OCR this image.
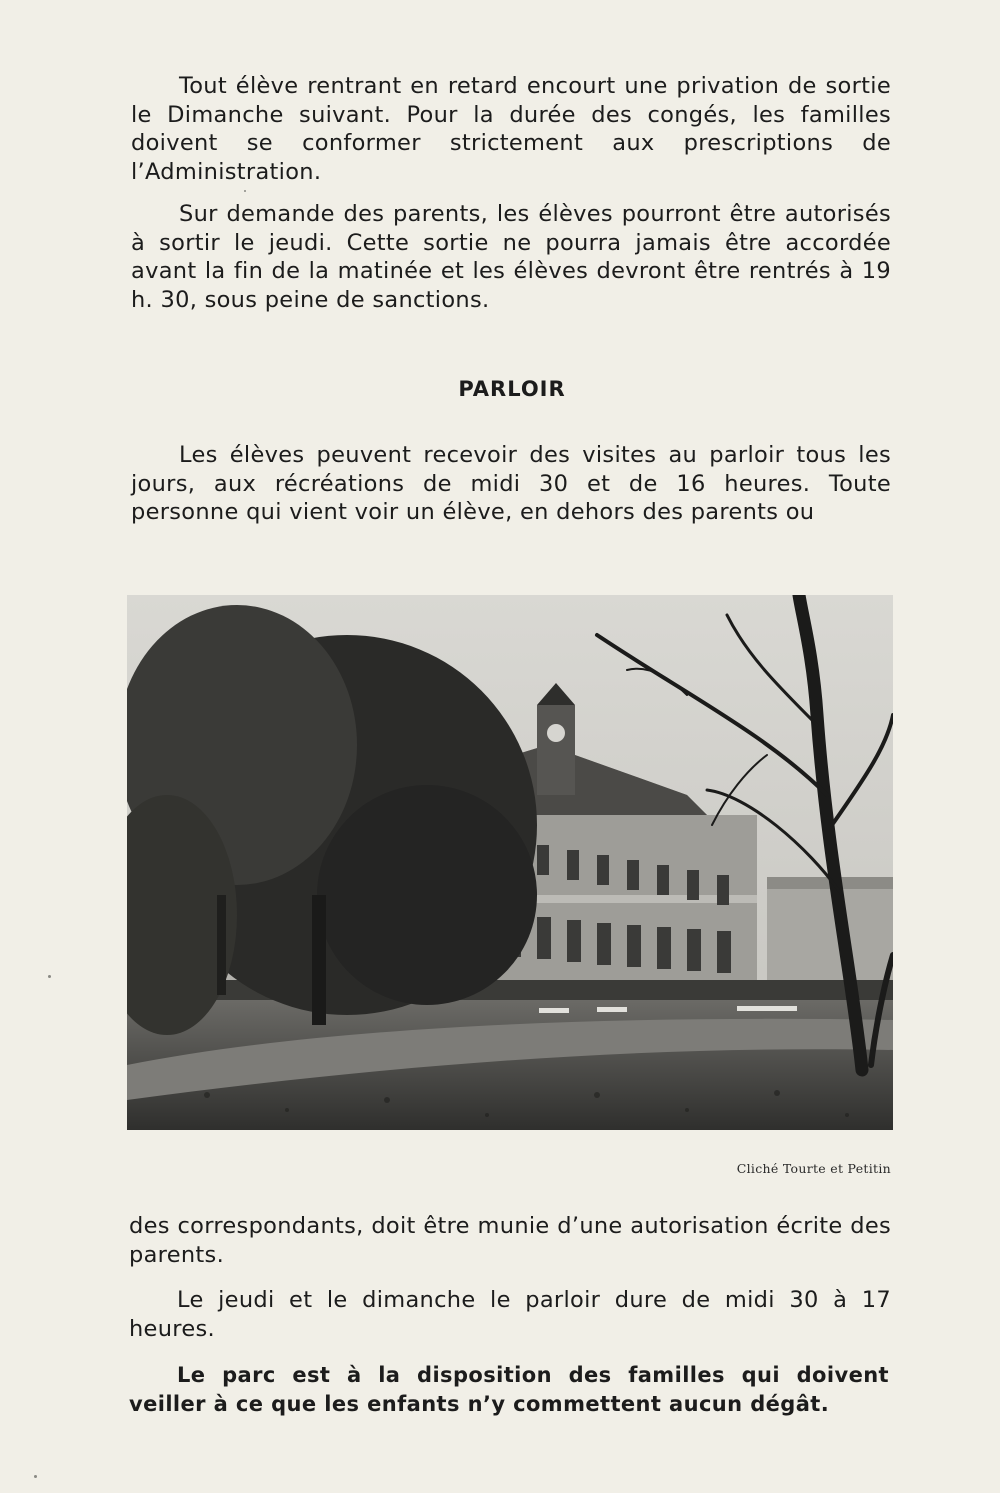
Tout élève rentrant en retard encourt une privation de sortie le Dimanche suivant. Pour la durée des congés, les familles doivent se conformer strictement aux prescriptions de l’Administration.

Sur demande des parents, les élèves pourront être autorisés à sortir le jeudi. Cette sortie ne pourra jamais être accordée avant la fin de la matinée et les élèves devront être rentrés à 19 h. 30, sous peine de sanctions.

PARLOIR

Les élèves peuvent recevoir des visites au parloir tous les jours, aux récréations de midi 30 et de 16 heures. Toute personne qui vient voir un élève, en dehors des parents ou

Cliché Tourte et Petitin

des correspondants, doit être munie d’une autorisation écrite des parents.

Le jeudi et le dimanche le parloir dure de midi 30 à 17 heures.

Le parc est à la disposition des familles qui doivent veiller à ce que les enfants n’y commettent aucun dégât.
